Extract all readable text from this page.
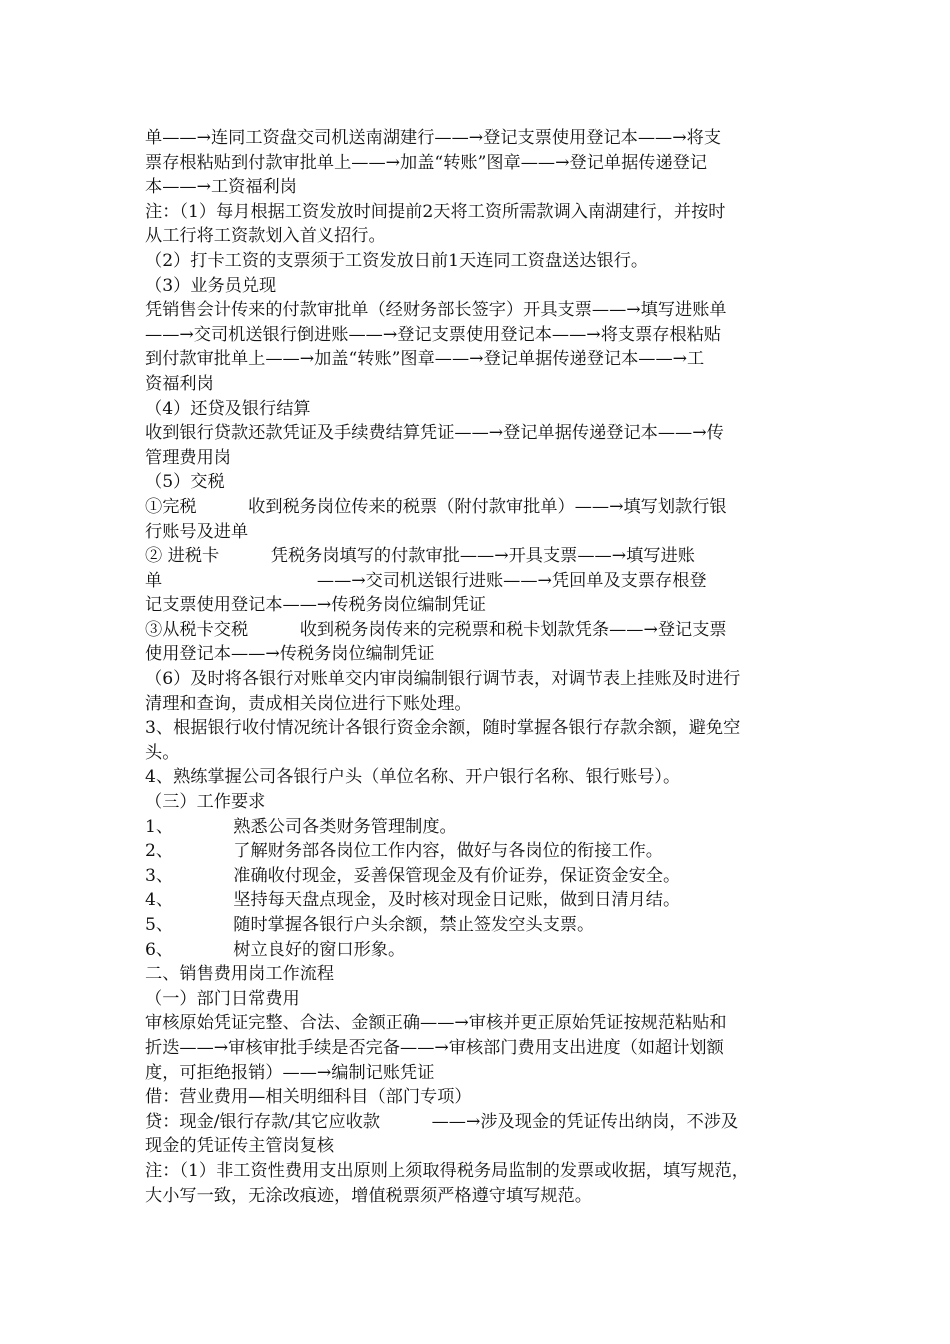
单——→连同工资盘交司机送南湖建行——→登记支票使用登记本——→将支

票存根粘贴到付款审批单上——→加盖“转账”图章——→登记单据传递登记

本——→工资福利岗

注：（1）每月根据工资发放时间提前2天将工资所需款调入南湖建行，并按时

从工行将工资款划入首义招行。

（2）打卡工资的支票须于工资发放日前1天连同工资盘送达银行。

（3）业务员兑现

凭销售会计传来的付款审批单（经财务部长签字）开具支票——→填写进账单

——→交司机送银行倒进账——→登记支票使用登记本——→将支票存根粘贴

到付款审批单上——→加盖“转账”图章——→登记单据传递登记本——→工

资福利岗

（4）还贷及银行结算

收到银行贷款还款凭证及手续费结算凭证——→登记单据传递登记本——→传

管理费用岗

（5）交税

①完税　　　收到税务岗位传来的税票（附付款审批单）——→填写划款行银

行账号及进单

② 进税卡　　　凭税务岗填写的付款审批——→开具支票——→填写进账

单　　　　　　　　　——→交司机送银行进账——→凭回单及支票存根登

记支票使用登记本——→传税务岗位编制凭证

③从税卡交税　　　收到税务岗传来的完税票和税卡划款凭条——→登记支票

使用登记本——→传税务岗位编制凭证

（6）及时将各银行对账单交内审岗编制银行调节表，对调节表上挂账及时进行

清理和查询，责成相关岗位进行下账处理。

3、根据银行收付情况统计各银行资金余额，随时掌握各银行存款余额，避免空

头。

4、熟练掌握公司各银行户头（单位名称、开户银行名称、银行账号）。

（三）工作要求

1、　　　　熟悉公司各类财务管理制度。

2、　　　　了解财务部各岗位工作内容，做好与各岗位的衔接工作。

3、　　　　准确收付现金，妥善保管现金及有价证券，保证资金安全。

4、　　　　坚持每天盘点现金，及时核对现金日记账，做到日清月结。

5、　　　　随时掌握各银行户头余额，禁止签发空头支票。

6、　　　　树立良好的窗口形象。

二、销售费用岗工作流程

（一）部门日常费用

审核原始凭证完整、合法、金额正确——→审核并更正原始凭证按规范粘贴和

折迭——→审核审批手续是否完备——→审核部门费用支出进度（如超计划额

度，可拒绝报销）——→编制记账凭证

借：营业费用—相关明细科目（部门专项）

贷：现金/银行存款/其它应收款　　　——→涉及现金的凭证传出纳岗，不涉及

现金的凭证传主管岗复核

注：（1）非工资性费用支出原则上须取得税务局监制的发票或收据，填写规范，

大小写一致，无涂改痕迹，增值税票须严格遵守填写规范。
